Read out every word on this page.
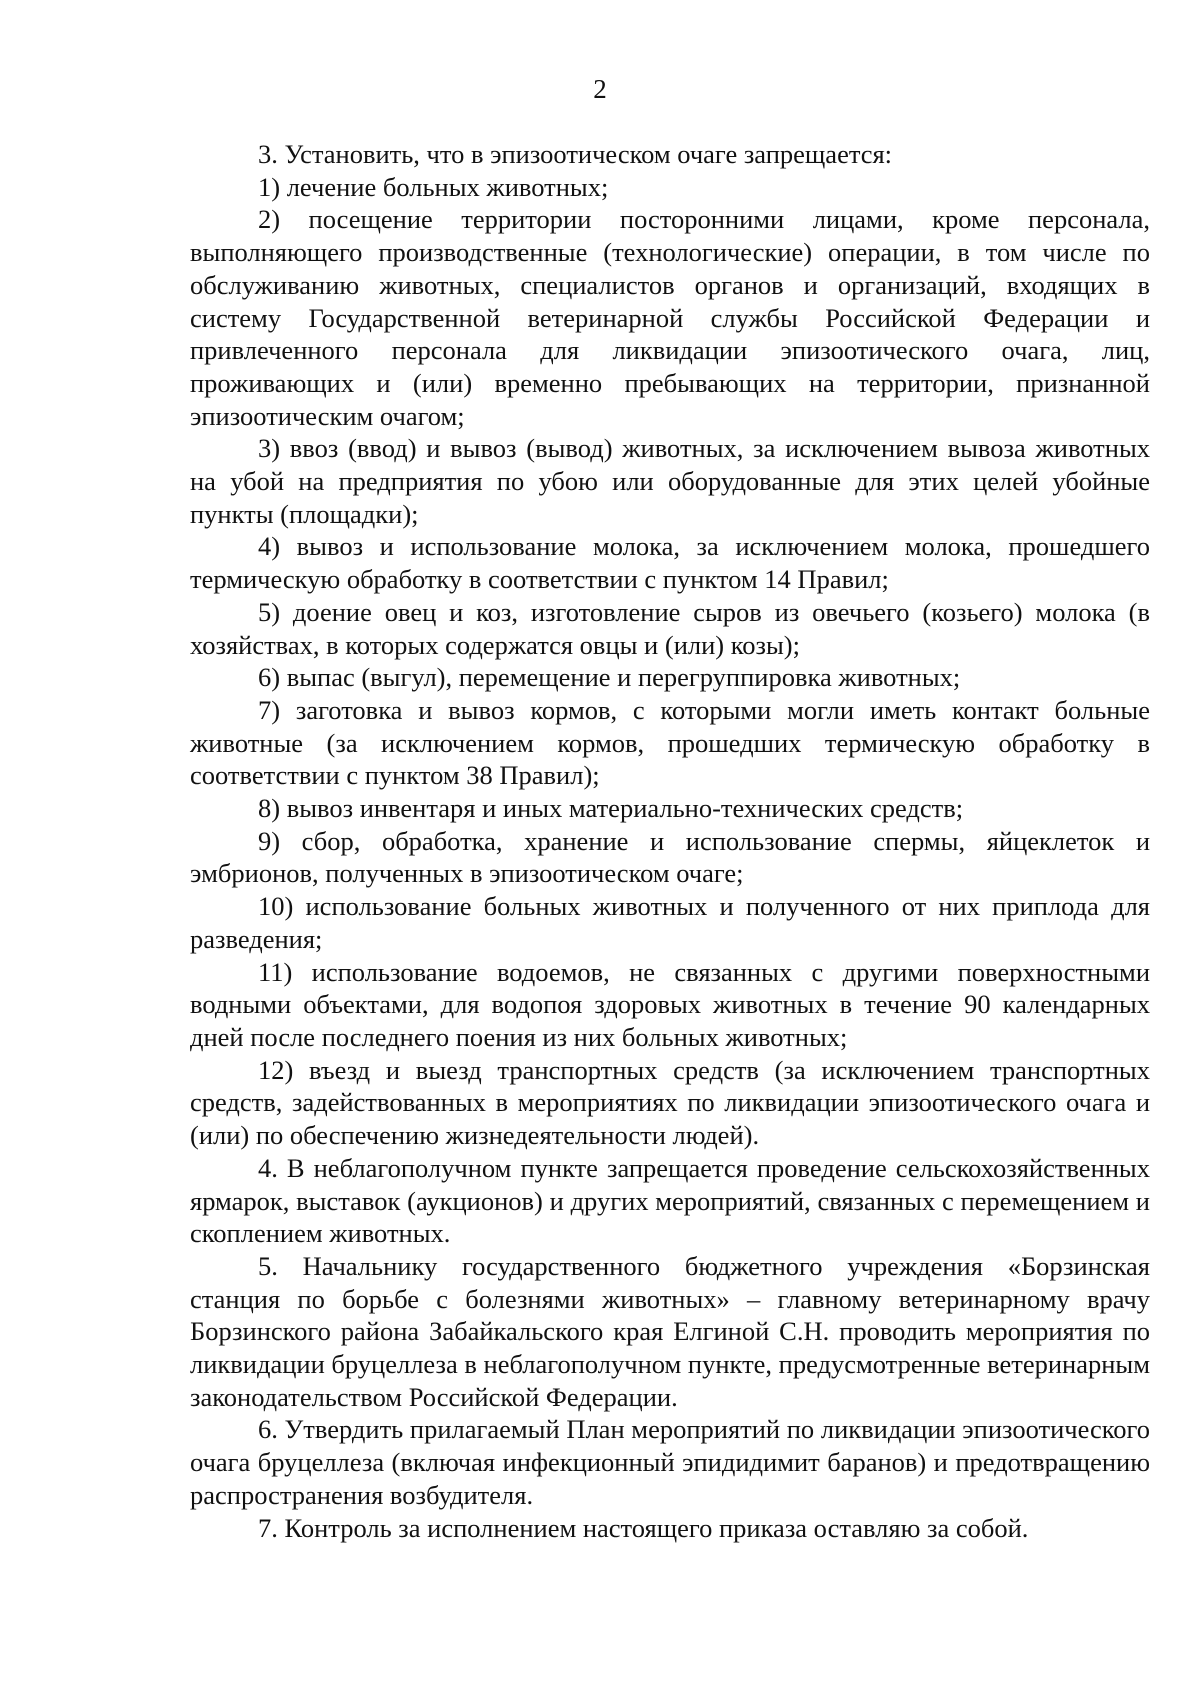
2

3. Установить, что в эпизоотическом очаге запрещается:

1) лечение больных животных;

2) посещение территории посторонними лицами, кроме персонала, выполняющего производственные (технологические) операции, в том числе по обслуживанию животных, специалистов органов и организаций, входящих в систему Государственной ветеринарной службы Российской Федерации и привлеченного персонала для ликвидации эпизоотического очага, лиц, проживающих и (или) временно пребывающих на территории, признанной эпизоотическим очагом;

3) ввоз (ввод) и вывоз (вывод) животных, за исключением вывоза животных на убой на предприятия по убою или оборудованные для этих целей убойные пункты (площадки);

4) вывоз и использование молока, за исключением молока, прошедшего термическую обработку в соответствии с пунктом 14 Правил;

5) доение овец и коз, изготовление сыров из овечьего (козьего) молока (в хозяйствах, в которых содержатся овцы и (или) козы);

6) выпас (выгул), перемещение и перегруппировка животных;

7) заготовка и вывоз кормов, с которыми могли иметь контакт больные животные (за исключением кормов, прошедших термическую обработку в соответствии с пунктом 38 Правил);

8) вывоз инвентаря и иных материально-технических средств;

9) сбор, обработка, хранение и использование спермы, яйцеклеток и эмбрионов, полученных в эпизоотическом очаге;

10) использование больных животных и полученного от них приплода для разведения;

11) использование водоемов, не связанных с другими поверхностными водными объектами, для водопоя здоровых животных в течение 90 календарных дней после последнего поения из них больных животных;

12) въезд и выезд транспортных средств (за исключением транспортных средств, задействованных в мероприятиях по ликвидации эпизоотического очага и (или) по обеспечению жизнедеятельности людей).

4. В неблагополучном пункте запрещается проведение сельскохозяйственных ярмарок, выставок (аукционов) и других мероприятий, связанных с перемещением и скоплением животных.

5. Начальнику государственного бюджетного учреждения «Борзинская станция по борьбе с болезнями животных» – главному ветеринарному врачу Борзинского района Забайкальского края Елгиной С.Н. проводить мероприятия по ликвидации бруцеллеза в неблагополучном пункте, предусмотренные ветеринарным законодательством Российской Федерации.

6. Утвердить прилагаемый План мероприятий по ликвидации эпизоотического очага бруцеллеза (включая инфекционный эпидидимит баранов) и предотвращению распространения возбудителя.

7. Контроль за исполнением настоящего приказа оставляю за собой.
